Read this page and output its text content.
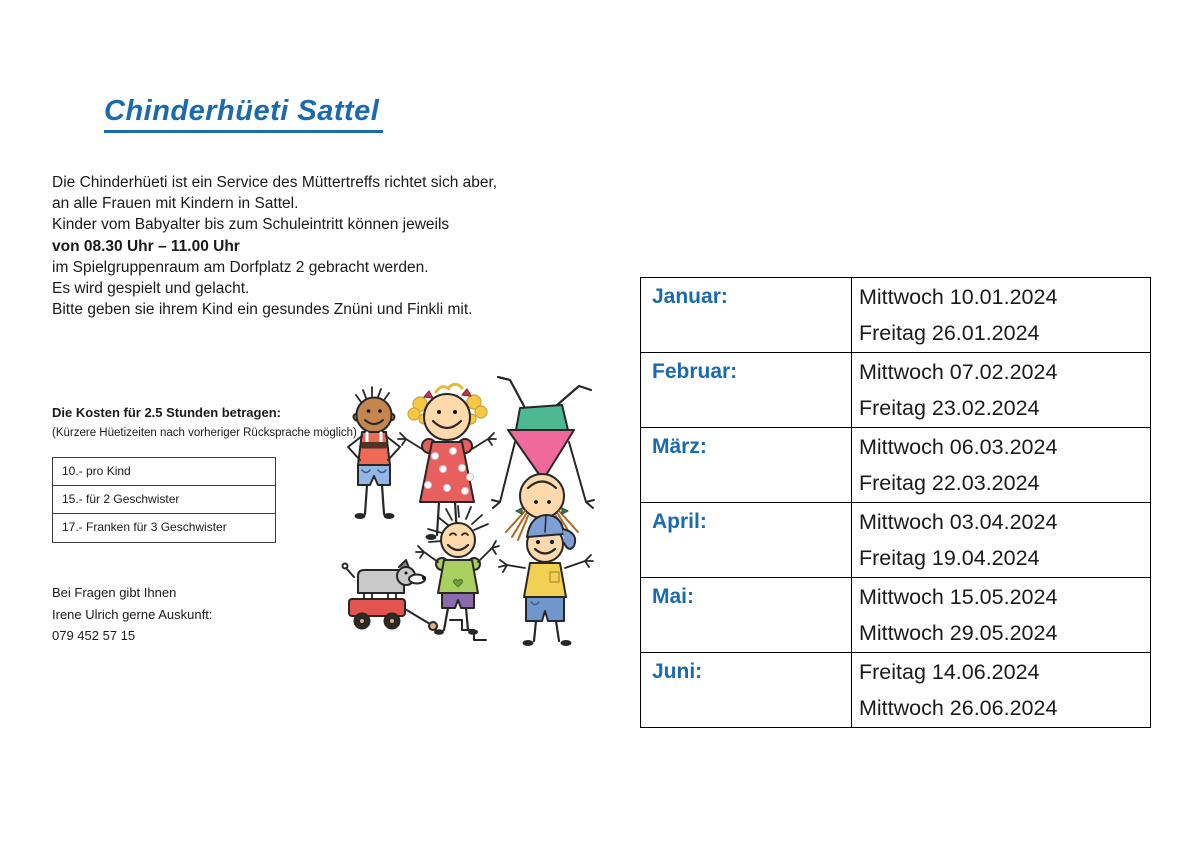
Chinderhüeti Sattel
Die Chinderhüeti ist ein Service des Müttertreffs richtet sich aber,
an alle Frauen mit Kindern in Sattel.
Kinder vom Babyalter bis zum Schuleintritt können jeweils
von 08.30 Uhr – 11.00 Uhr
im Spielgruppenraum am Dorfplatz 2 gebracht werden.
Es wird gespielt und gelacht.
Bitte geben sie ihrem Kind ein gesundes Znüni und Finkli mit.
Die Kosten für 2.5 Stunden betragen:
(Kürzere Hüetizeiten nach vorheriger Rücksprache möglich)
10.- pro Kind
15.- für 2 Geschwister
17.- Franken für 3 Geschwister
Bei Fragen gibt Ihnen
Irene Ulrich gerne Auskunft:
079 452 57 15
Januar:	Mittwoch 10.01.2024
Freitag 26.01.2024

Februar:	Mittwoch 07.02.2024
Freitag 23.02.2024

März:	Mittwoch 06.03.2024
Freitag 22.03.2024

April:	Mittwoch 03.04.2024
Freitag 19.04.2024

Mai:	Mittwoch 15.05.2024
Mittwoch 29.05.2024

Juni:	Freitag 14.06.2024
Mittwoch 26.06.2024
